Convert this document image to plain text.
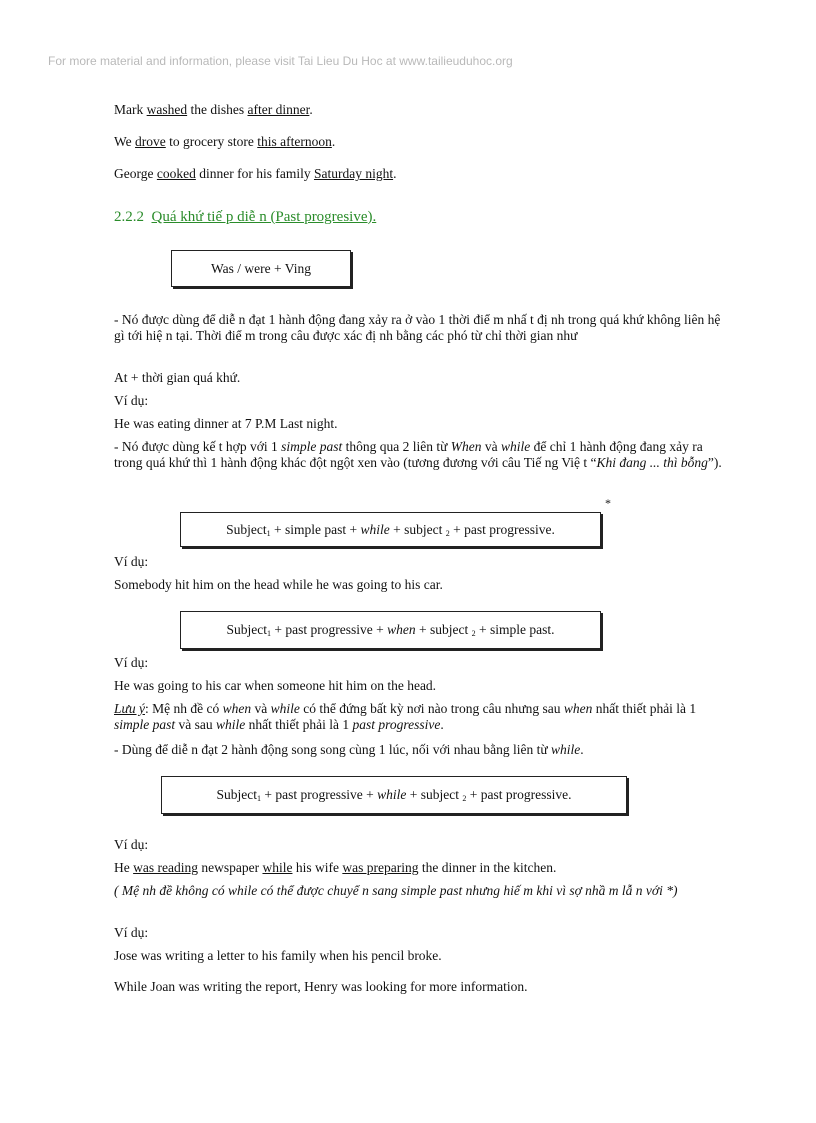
For more material and information, please visit Tai Lieu Du Hoc at www.tailieuduhoc.org
Mark washed the dishes after dinner.
We drove to grocery store this afternoon.
George cooked dinner for his family Saturday night.
2.2.2 Quá khứ tiế p diễ n (Past progresive).
Was / were + Ving
- Nó được dùng để diễ n đạt 1 hành động đang xảy ra ở vào 1 thời điể m nhấ t đị nh trong quá khứ không liên hệ gì tới hiệ n tại. Thời điể m trong câu được xác đị nh bằng các phó từ chỉ thời gian như
At + thời gian quá khứ.
Ví dụ:
He was eating dinner at 7 P.M Last night.
- Nó được dùng kế t hợp với 1 simple past thông qua 2 liên từ When và while để chỉ 1 hành động đang xảy ra trong quá khứ thì 1 hành động khác đột ngột xen vào (tương đương với câu Tiế ng Việ t “Khi đang ... thì bỗng”).
*
Subject$_1$ + simple past + while + subject $_2$ + past progressive.
Ví dụ:
Somebody hit him on the head while he was going to his car.
Subject$_1$ + past progressive + when + subject $_2$ + simple past.
Ví dụ:
He was going to his car when someone hit him on the head.
Lưu ý: Mệ nh đề có when và while có thể đứng bất kỳ nơi nào trong câu nhưng sau when nhất thiết phải là 1 simple past và sau while nhất thiết phải là 1 past progressive.
- Dùng để diễ n đạt 2 hành động song song cùng 1 lúc, nối với nhau bằng liên từ while.
Subject$_1$ + past progressive + while + subject $_2$ + past progressive.
Ví dụ:
He was reading newspaper while his wife was preparing the dinner in the kitchen.
( Mệ nh đề không có while có thể được chuyể n sang simple past nhưng hiế m khi vì sợ nhầ m lẫ n với *)
Ví dụ:
Jose was writing a letter to his family when his pencil broke.
While Joan was writing the report, Henry was looking for more information.
